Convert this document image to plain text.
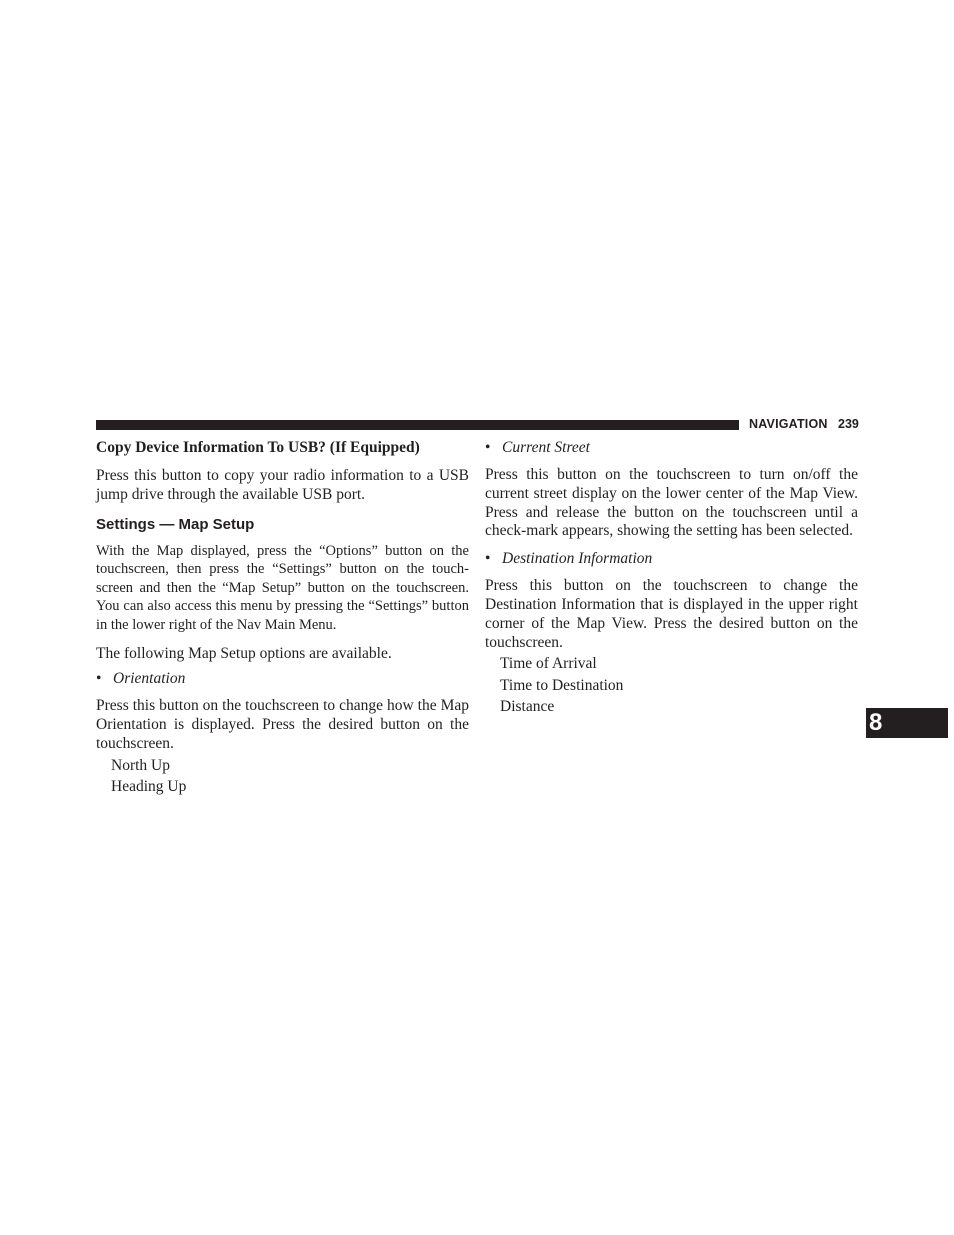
NAVIGATION 239
Copy Device Information To USB? (If Equipped)
Press this button to copy your radio information to a USB jump drive through the available USB port.
Settings — Map Setup
With the Map displayed, press the “Options” button on the touchscreen, then press the “Settings” button on the touch-screen and then the “Map Setup” button on the touchscreen. You can also access this menu by pressing the “Settings” button in the lower right of the Nav Main Menu.
The following Map Setup options are available.
• Orientation
Press this button on the touchscreen to change how the Map Orientation is displayed. Press the desired button on the touchscreen.
North Up
Heading Up
• Current Street
Press this button on the touchscreen to turn on/off the current street display on the lower center of the Map View. Press and release the button on the touchscreen until a check-mark appears, showing the setting has been selected.
• Destination Information
Press this button on the touchscreen to change the Destination Information that is displayed in the upper right corner of the Map View. Press the desired button on the touchscreen.
Time of Arrival
Time to Destination
Distance
8
